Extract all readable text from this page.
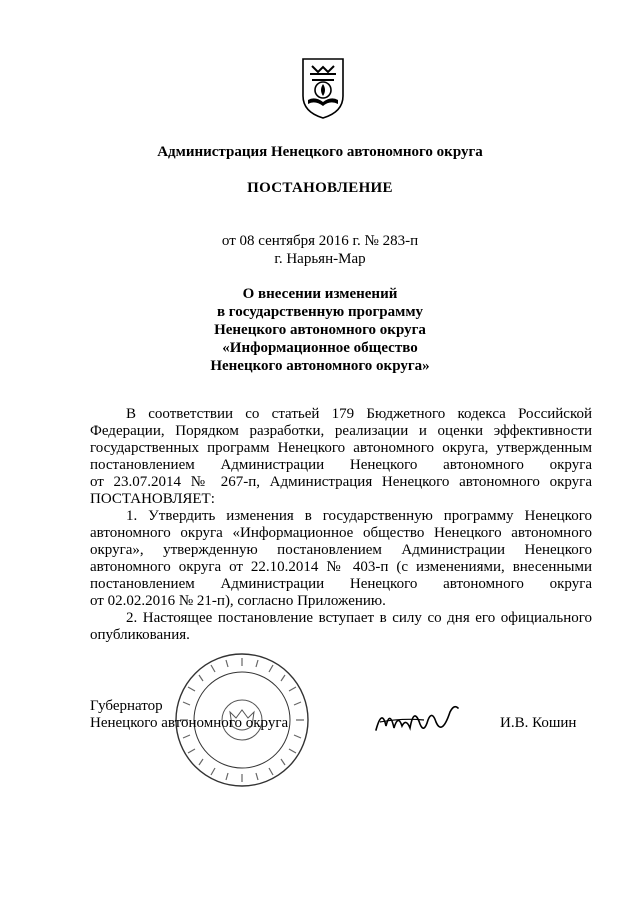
Администрация Ненецкого автономного округа
ПОСТАНОВЛЕНИЕ
от 08 сентября 2016 г. № 283-п
г. Нарьян-Мар
О внесении изменений
в государственную программу
Ненецкого автономного округа
«Информационное общество
Ненецкого автономного округа»
В соответствии со статьей 179 Бюджетного кодекса Российской
Федерации, Порядком разработки, реализации и оценки эффективности
государственных программ Ненецкого автономного округа, утвержденным
постановлением Администрации Ненецкого автономного округа
от 23.07.2014 № 267-п, Администрация Ненецкого автономного округа
ПОСТАНОВЛЯЕТ:
1. Утвердить изменения в государственную программу Ненецкого
автономного округа «Информационное общество Ненецкого автономного
округа», утвержденную постановлением Администрации Ненецкого
автономного округа от 22.10.2014 № 403-п (с изменениями, внесенными
постановлением Администрации Ненецкого автономного округа
от 02.02.2016 № 21-п), согласно Приложению.
2. Настоящее постановление вступает в силу со дня его официального
опубликования.
Губернатор
Ненецкого автономного округа	И.В. Кошин
